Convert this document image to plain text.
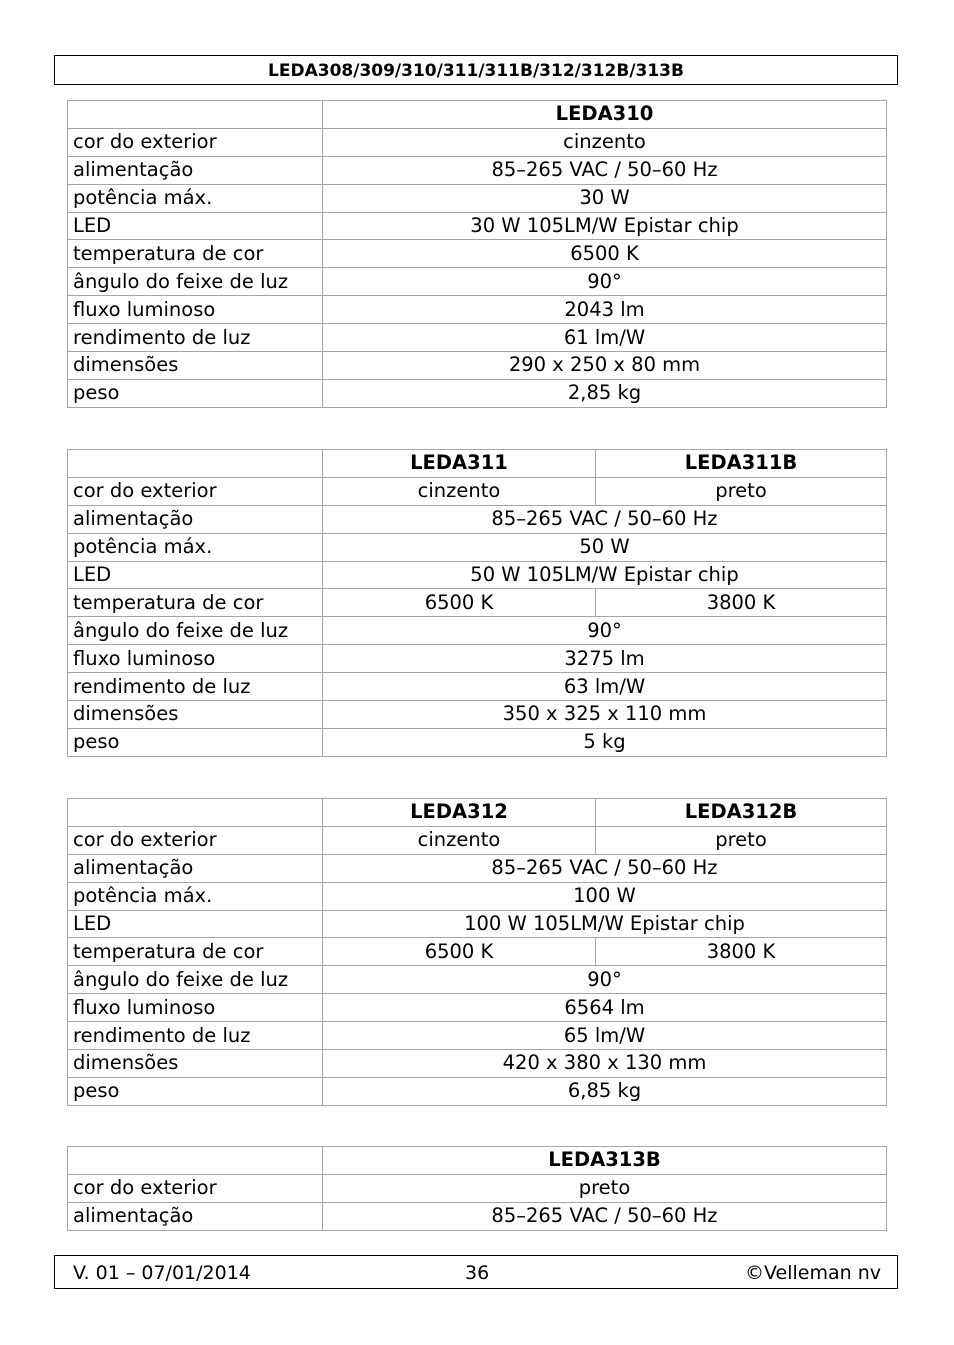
LEDA308/309/310/311/311B/312/312B/313B
	LEDA310
cor do exterior	cinzento
alimentação	85–265 VAC / 50–60 Hz
potência máx.	30 W
LED	30 W 105LM/W Epistar chip
temperatura de cor	6500 K
ângulo do feixe de luz	90°
fluxo luminoso	2043 lm
rendimento de luz	61 lm/W
dimensões	290 x 250 x 80 mm
peso	2,85 kg
	LEDA311	LEDA311B
cor do exterior	cinzento	preto
alimentação	85–265 VAC / 50–60 Hz	
potência máx.	50 W	
LED	50 W 105LM/W Epistar chip	
temperatura de cor	6500 K	3800 K
ângulo do feixe de luz	90°	
fluxo luminoso	3275 lm	
rendimento de luz	63 lm/W	
dimensões	350 x 325 x 110 mm	
peso	5 kg	
	LEDA312	LEDA312B
cor do exterior	cinzento	preto
alimentação	85–265 VAC / 50–60 Hz	
potência máx.	100 W	
LED	100 W 105LM/W Epistar chip	
temperatura de cor	6500 K	3800 K
ângulo do feixe de luz	90°	
fluxo luminoso	6564 lm	
rendimento de luz	65 lm/W	
dimensões	420 x 380 x 130 mm	
peso	6,85 kg	
	LEDA313B
cor do exterior	preto
alimentação	85–265 VAC / 50–60 Hz
V. 01 – 07/01/2014	36	©Velleman nv
